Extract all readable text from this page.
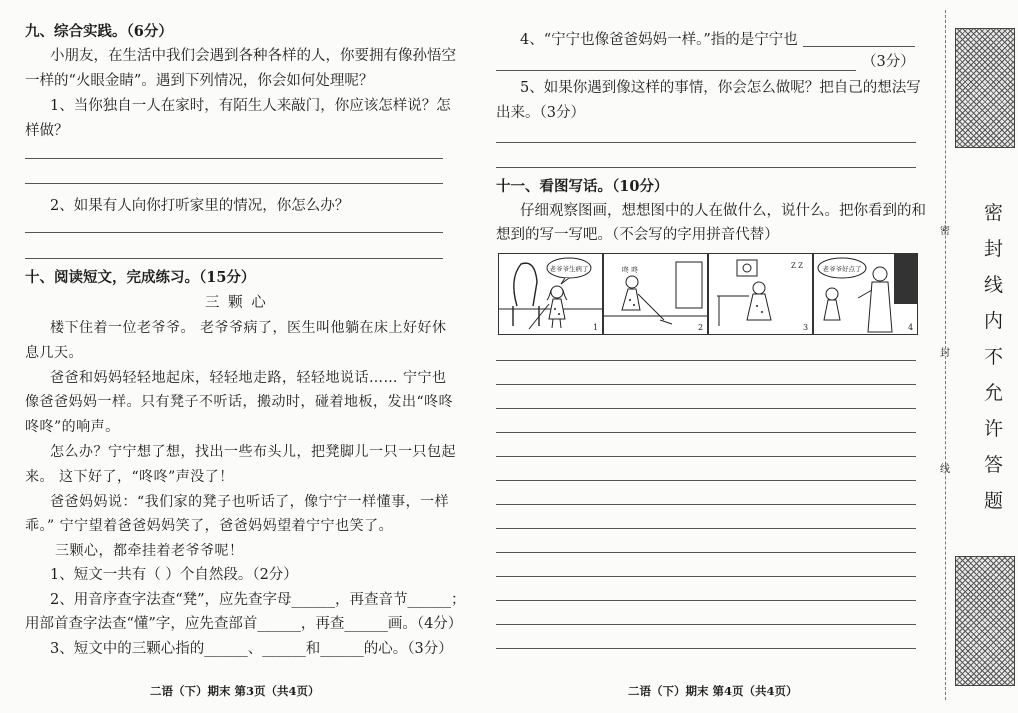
九、综合实践。（6分）
小朋友，在生活中我们会遇到各种各样的人，你要拥有像孙悟空
一样的“火眼金睛”。遇到下列情况，你会如何处理呢？
1、当你独自一人在家时，有陌生人来敲门，你应该怎样说？怎
样做？
2、如果有人向你打听家里的情况，你怎么办？
十、阅读短文，完成练习。（15分）
三 颗 心
楼下住着一位老爷爷。 老爷爷病了，医生叫他躺在床上好好休
息几天。
爸爸和妈妈轻轻地起床，轻轻地走路，轻轻地说话…… 宁宁也
像爸爸妈妈一样。只有凳子不听话，搬动时，碰着地板，发出“咚咚
咚咚”的响声。
怎么办？宁宁想了想，找出一些布头儿，把凳脚儿一只一只包起
来。 这下好了，“咚咚”声没了！
爸爸妈妈说：“我们家的凳子也听话了，像宁宁一样懂事，一样
乖。” 宁宁望着爸爸妈妈笑了，爸爸妈妈望着宁宁也笑了。
三颗心，都牵挂着老爷爷呢！
1、短文一共有（ ）个自然段。（2分）
2、用音序查字法查“凳”，应先查字母______，再查音节______；
用部首查字法查“懂”字，应先查部首______，再查______画。（4分）
3、短文中的三颗心指的______、______和______的心。（3分）
二语（下）期末 第3页（共4页）
4、“宁宁也像爸爸妈妈一样。”指的是宁宁也
（3分）
5、如果你遇到像这样的事情，你会怎么做呢？把自己的想法写
出来。（3分）
十一、看图写话。（10分）
仔细观察图画，想想图中的人在做什么，说什么。把你看到的和
想到的写一写吧。（不会写的字用拼音代替）
老爷爷生病了
1
咚 咚
2
Z Z
3
老爷爷好点了
4
二语（下）期末 第4页（共4页）
密
封
线
密
封
线
内
不
允
许
答
题
